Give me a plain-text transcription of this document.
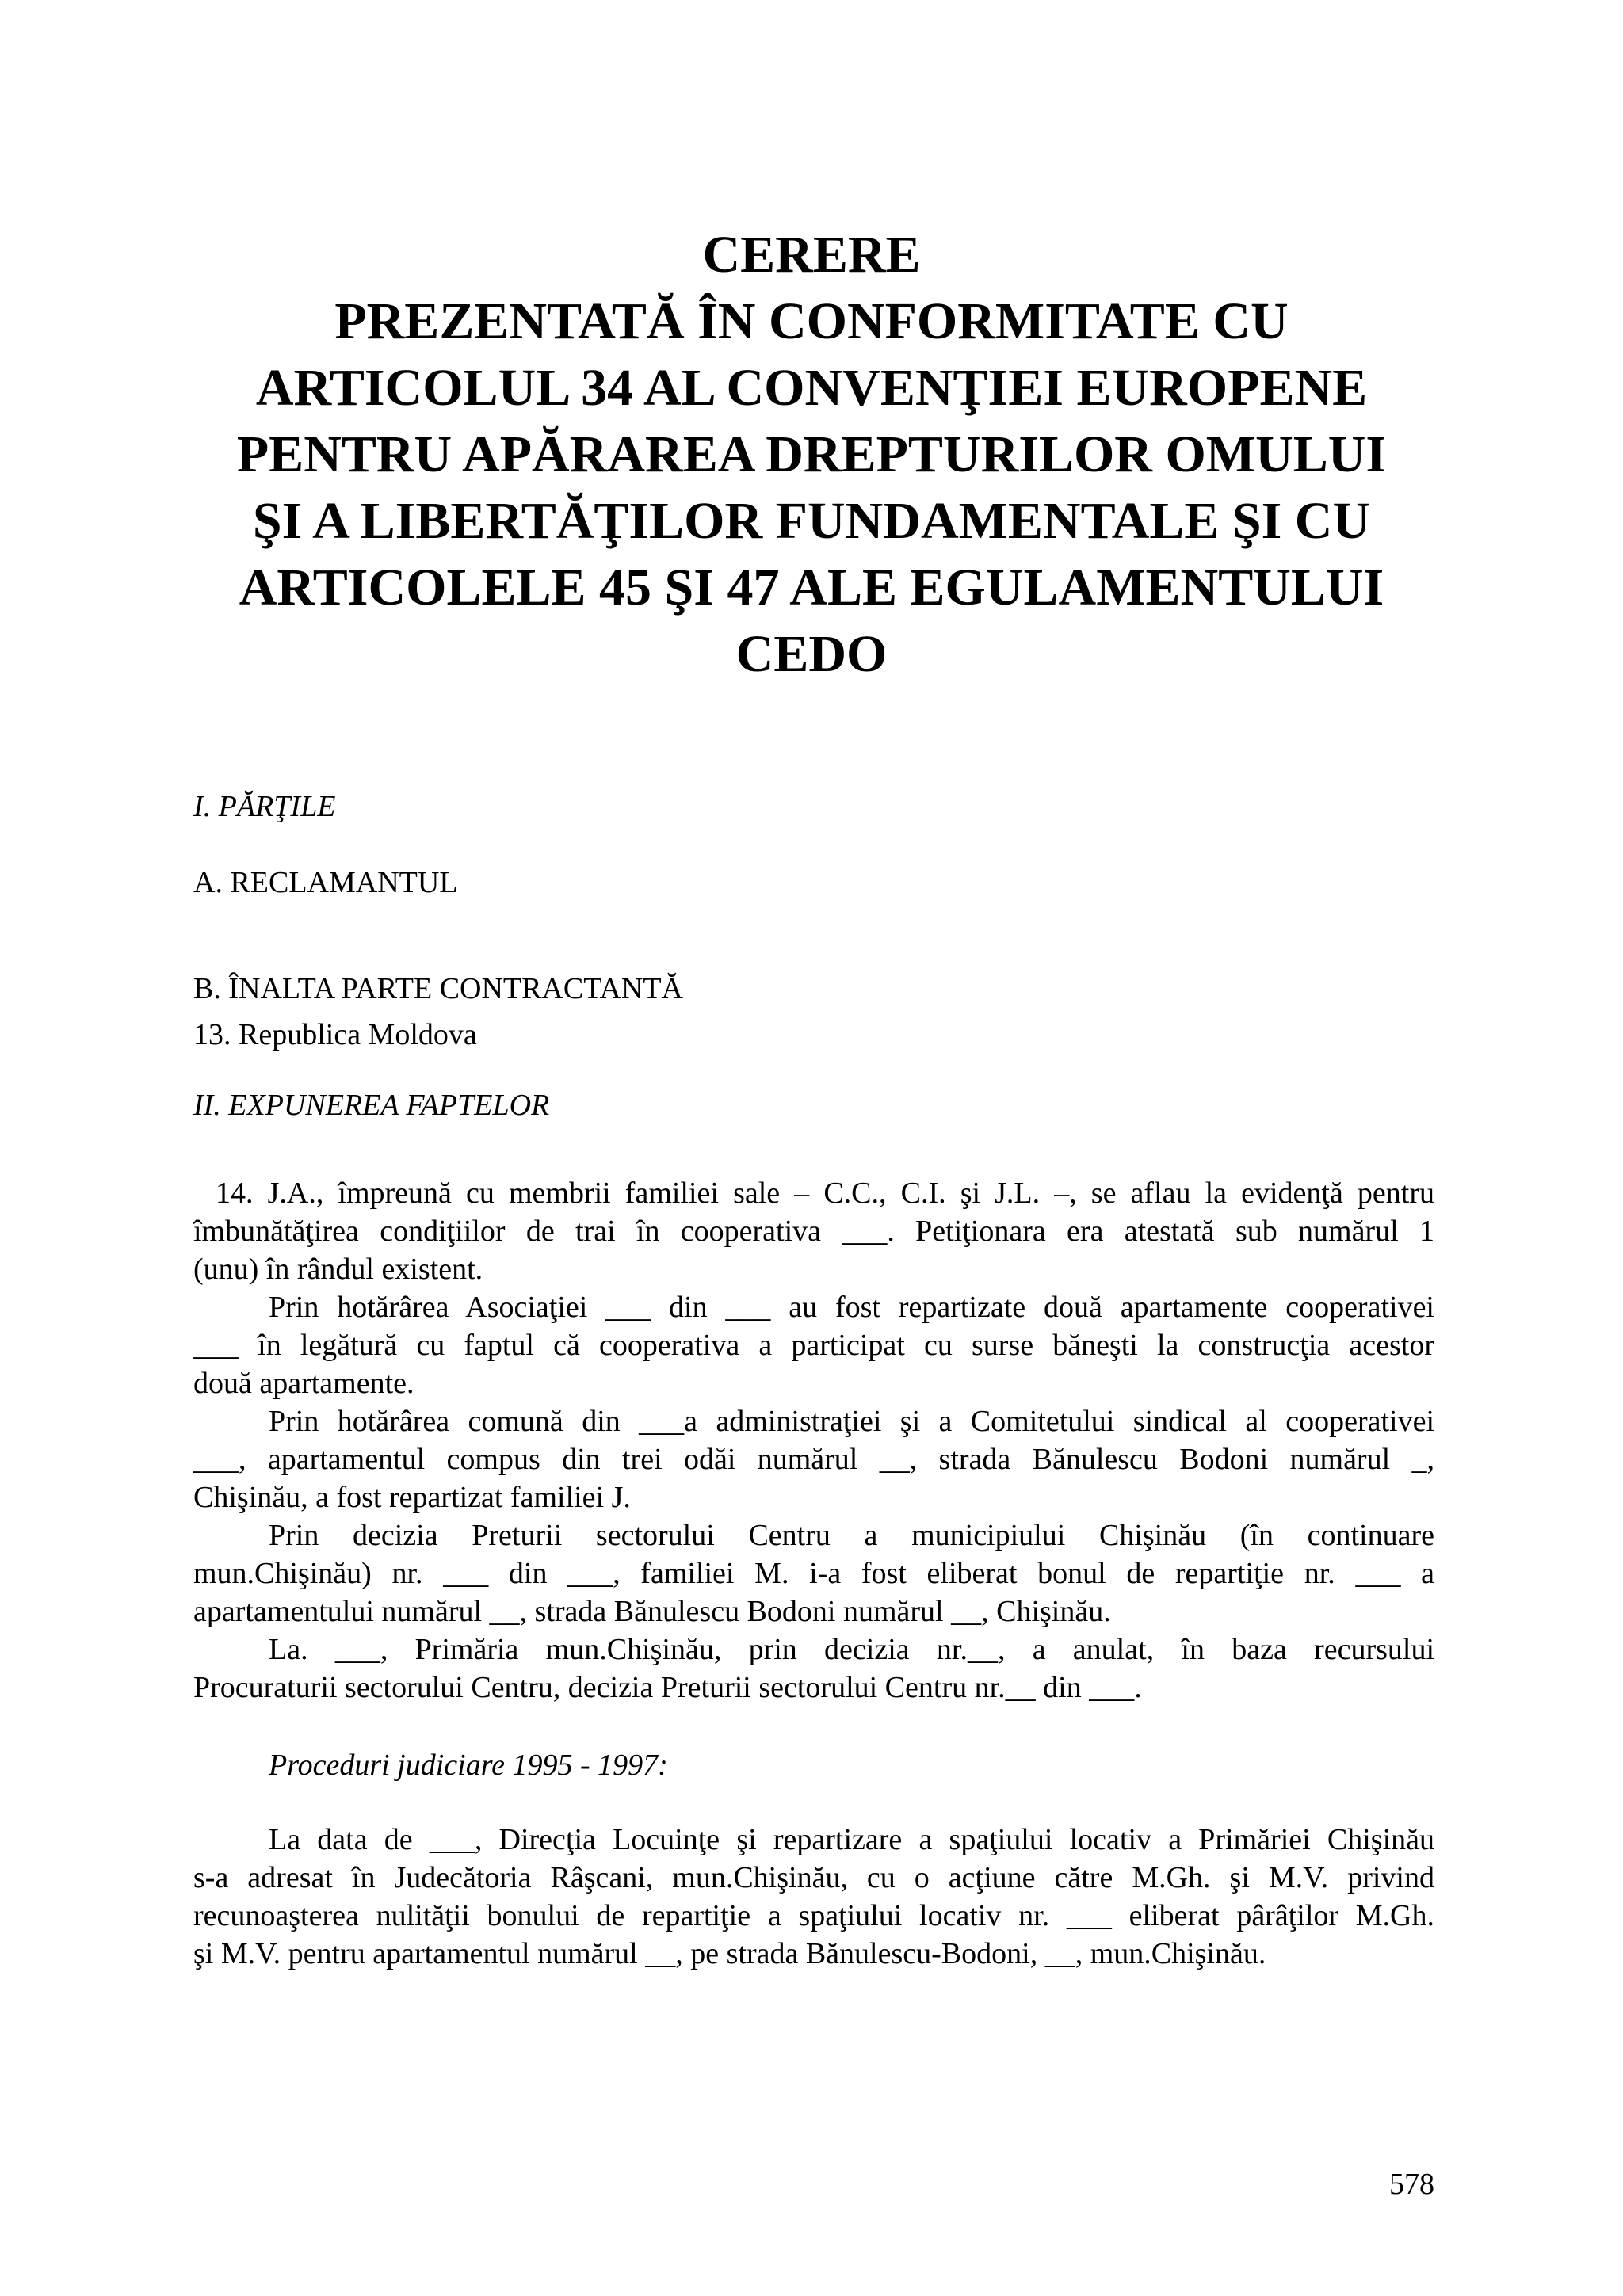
CERERE
PREZENTATĂ ÎN CONFORMITATE CU
ARTICOLUL 34 AL CONVENŢIEI EUROPENE
PENTRU APĂRAREA DREPTURILOR OMULUI
ŞI A LIBERTĂŢILOR FUNDAMENTALE ŞI CU
ARTICOLELE 45 ŞI 47 ALE EGULAMENTULUI
CEDO
I. PĂRŢILE
A. RECLAMANTUL
B. ÎNALTA PARTE CONTRACTANTĂ
13. Republica Moldova
II. EXPUNEREA FAPTELOR
14. J.A., împreună cu membrii familiei sale – C.C., C.I. şi J.L. –, se aflau la evidenţă pentru
îmbunătăţirea condiţiilor de trai în cooperativa ___. Petiţionara era atestată sub numărul 1
(unu) în rândul existent.
Prin hotărârea Asociaţiei ___ din ___ au fost repartizate două apartamente cooperativei
___ în legătură cu faptul că cooperativa a participat cu surse băneşti la construcţia acestor
două apartamente.
Prin hotărârea comună din ___a administraţiei şi a Comitetului sindical al cooperativei
___, apartamentul compus din trei odăi numărul __, strada Bănulescu Bodoni numărul _,
Chişinău, a fost repartizat familiei J.
Prin decizia Preturii sectorului Centru a municipiului Chişinău (în continuare
mun.Chişinău) nr. ___ din ___, familiei M. i-a fost eliberat bonul de repartiţie nr. ___ a
apartamentului numărul __, strada Bănulescu Bodoni numărul __, Chişinău.
La. ___, Primăria mun.Chişinău, prin decizia nr.__, a anulat, în baza recursului
Procuraturii sectorului Centru, decizia Preturii sectorului Centru nr.__ din ___.
Proceduri judiciare 1995 - 1997:
La data de ___, Direcţia Locuinţe şi repartizare a spaţiului locativ a Primăriei Chişinău
s-a adresat în Judecătoria Râşcani, mun.Chişinău, cu o acţiune către M.Gh. şi M.V. privind
recunoaşterea nulităţii bonului de repartiţie a spaţiului locativ nr. ___ eliberat pârâţilor M.Gh.
şi M.V. pentru apartamentul numărul __, pe strada Bănulescu-Bodoni, __, mun.Chişinău.
578
